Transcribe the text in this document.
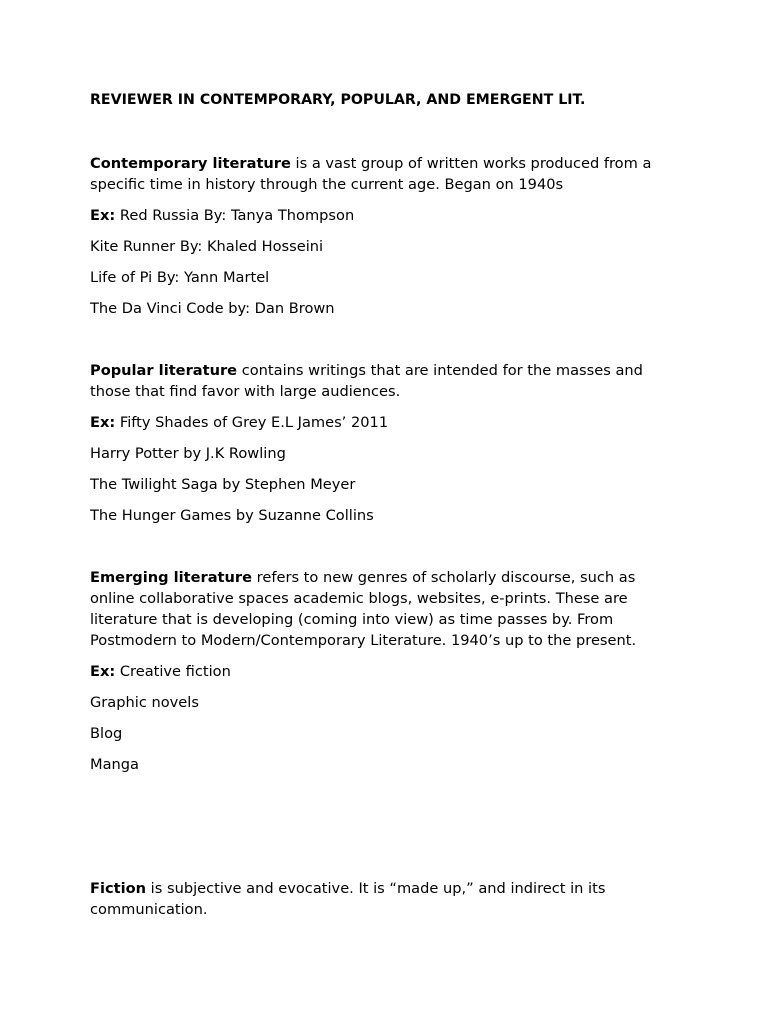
REVIEWER IN CONTEMPORARY, POPULAR, AND EMERGENT LIT.

Contemporary literature is a vast group of written works produced from a specific time in history through the current age. Began on 1940s

Ex: Red Russia By: Tanya Thompson

Kite Runner By: Khaled Hosseini

Life of Pi By: Yann Martel

The Da Vinci Code by: Dan Brown

Popular literature contains writings that are intended for the masses and those that find favor with large audiences.

Ex: Fifty Shades of Grey E.L James’ 2011

Harry Potter by J.K Rowling

The Twilight Saga by Stephen Meyer

The Hunger Games by Suzanne Collins

Emerging literature refers to new genres of scholarly discourse, such as online collaborative spaces academic blogs, websites, e-prints. These are literature that is developing (coming into view) as time passes by. From Postmodern to Modern/Contemporary Literature. 1940’s up to the present.

Ex: Creative fiction

Graphic novels

Blog

Manga

Fiction is subjective and evocative. It is “made up,” and indirect in its communication.
